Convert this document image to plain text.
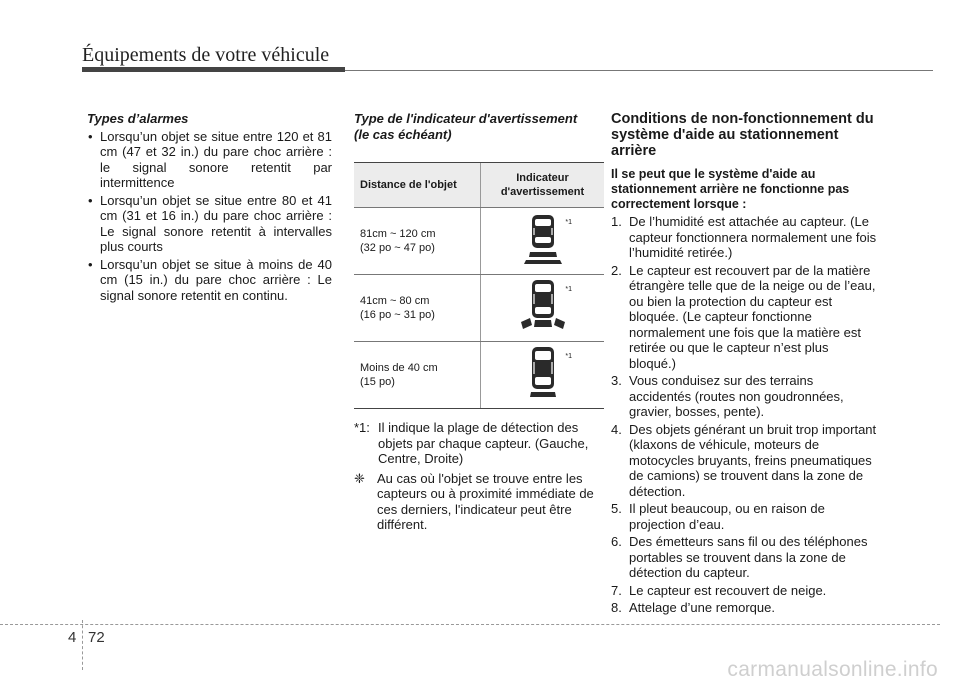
Équipements de votre véhicule
Types d’alarmes
• Lorsqu’un objet se situe entre 120 et 81 cm (47 et 32 in.) du pare choc arrière : le signal sonore retentit par intermittence
• Lorsqu’un objet se situe entre 80 et 41 cm (31 et 16 in.) du pare choc arrière : Le signal sonore retentit à intervalles plus courts
• Lorsqu’un objet se situe à moins de 40 cm (15 in.) du pare choc arrière : Le signal sonore retentit en continu.
Type de l'indicateur d'avertissement
(le cas échéant)
Distance de l'objet	Indicateur d'avertissement

81cm ~ 120 cm
(32 po ~ 47 po)	*1

41cm ~ 80 cm
(16 po ~ 31 po)	*1

Moins de 40 cm
(15 po)	*1
*1: Il indique la plage de détection des objets par chaque capteur. (Gauche, Centre, Droite)
❈ Au cas où l'objet se trouve entre les capteurs ou à proximité immédiate de ces derniers, l'indicateur peut être différent.
Conditions de non-fonctionnement du système d'aide au stationnement arrière
Il se peut que le système d'aide au stationnement arrière ne fonctionne pas correctement lorsque :
1. De l’humidité est attachée au capteur. (Le capteur fonctionnera normalement une fois l’humidité retirée.)
2. Le capteur est recouvert par de la matière étrangère telle que de la neige ou de l’eau, ou bien la protection du capteur est bloquée. (Le capteur fonctionne normalement une fois que la matière est retirée ou que le capteur n’est plus bloqué.)
3. Vous conduisez sur des terrains accidentés (routes non goudronnées, gravier, bosses, pente).
4. Des objets générant un bruit trop important (klaxons de véhicule, moteurs de motocycles bruyants, freins pneumatiques de camions) se trouvent dans la zone de détection.
5. Il pleut beaucoup, ou en raison de projection d’eau.
6. Des émetteurs sans fil ou des téléphones portables se trouvent dans la zone de détection du capteur.
7. Le capteur est recouvert de neige.
8. Attelage d’une remorque.
4 72
carmanualsonline.info
